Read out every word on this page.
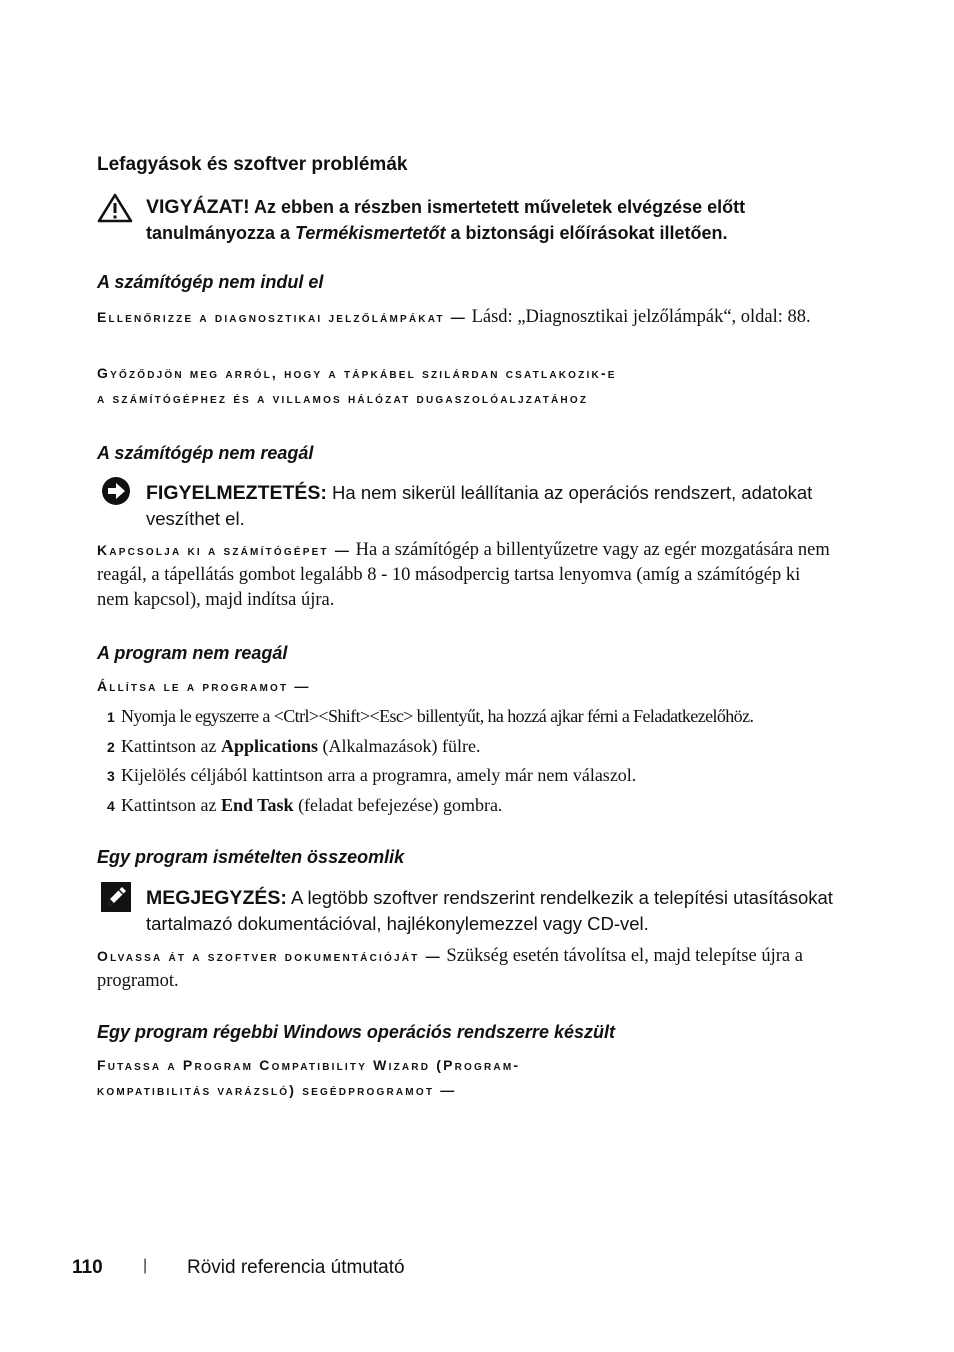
Lefagyások és szoftver problémák
VIGYÁZAT! Az ebben a részben ismertetett műveletek elvégzése előtt tanulmányozza a Termékismertetőt a biztonsági előírásokat illetően.
A számítógép nem indul el
Ellenőrizze a diagnosztikai jelzőlámpákat — Lásd: „Diagnosztikai jelzőlámpák“, oldal: 88.
Győződjön meg arról, hogy a tápkábel szilárdan csatlakozik-e
a számítógéphez és a villamos hálózat dugaszolóaljzatához
A számítógép nem reagál
FIGYELMEZTETÉS: Ha nem sikerül leállítania az operációs rendszert, adatokat veszíthet el.
Kapcsolja ki a számítógépet — Ha a számítógép a billentyűzetre vagy az egér mozgatására nem reagál, a tápellátás gombot legalább 8 - 10 másodpercig tartsa lenyomva (amíg a számítógép ki nem kapcsol), majd indítsa újra.
A program nem reagál
Állítsa le a programot —
1 Nyomja le egyszerre a <Ctrl><Shift><Esc> billentyűt, ha hozzá ajkar férni a Feladatkezelőhöz.
2 Kattintson az Applications (Alkalmazások) fülre.
3 Kijelölés céljából kattintson arra a programra, amely már nem válaszol.
4 Kattintson az End Task (feladat befejezése) gombra.
Egy program ismételten összeomlik
MEGJEGYZÉS: A legtöbb szoftver rendszerint rendelkezik a telepítési utasításokat tartalmazó dokumentációval, hajlékonylemezzel vagy CD-vel.
Olvassa át a szoftver dokumentációját — Szükség esetén távolítsa el, majd telepítse újra a programot.
Egy program régebbi Windows operációs rendszerre készült
Futassa a Program Compatibility Wizard (Program-
kompatibilitás varázsló) segédprogramot —
110	| Rövid referencia útmutató
